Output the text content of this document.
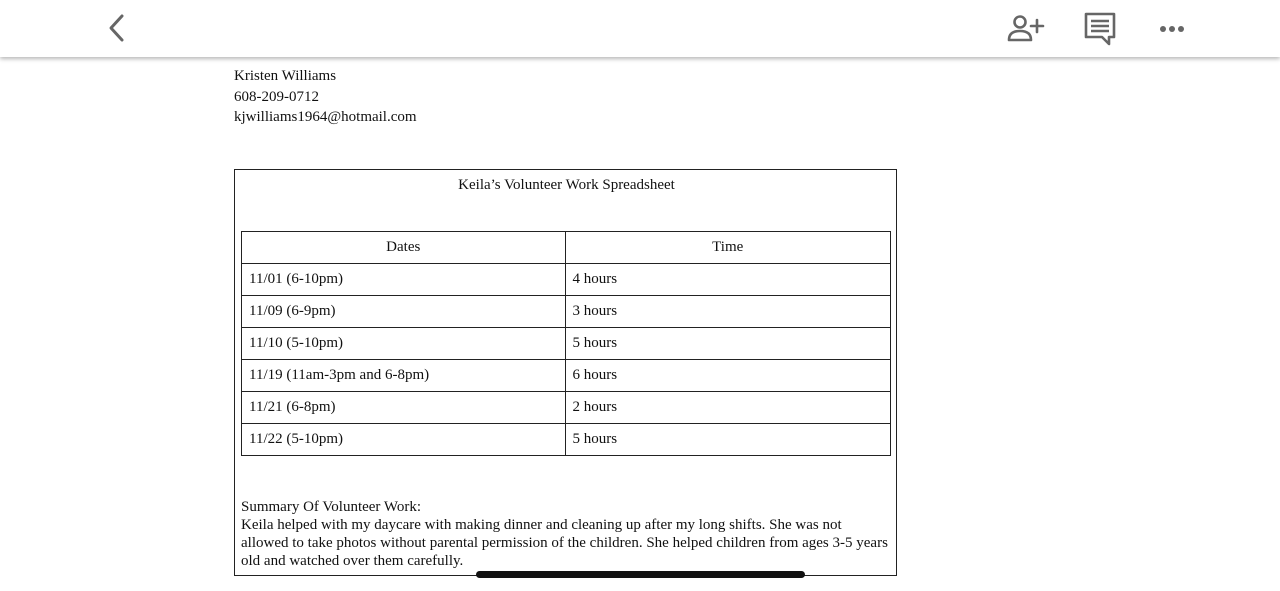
Kristen Williams
608-209-0712
kjwilliams1964@hotmail.com
Keila’s Volunteer Work Spreadsheet
Dates	Time
11/01 (6-10pm)	4 hours
11/09 (6-9pm)	3 hours
11/10 (5-10pm)	5 hours
11/19 (11am-3pm and 6-8pm)	6 hours
11/21 (6-8pm)	2 hours
11/22 (5-10pm)	5 hours
Summary Of Volunteer Work:
Keila helped with my daycare with making dinner and cleaning up after my long shifts. She was not allowed to take photos without parental permission of the children. She helped children from ages 3-5 years old and watched over them carefully.
